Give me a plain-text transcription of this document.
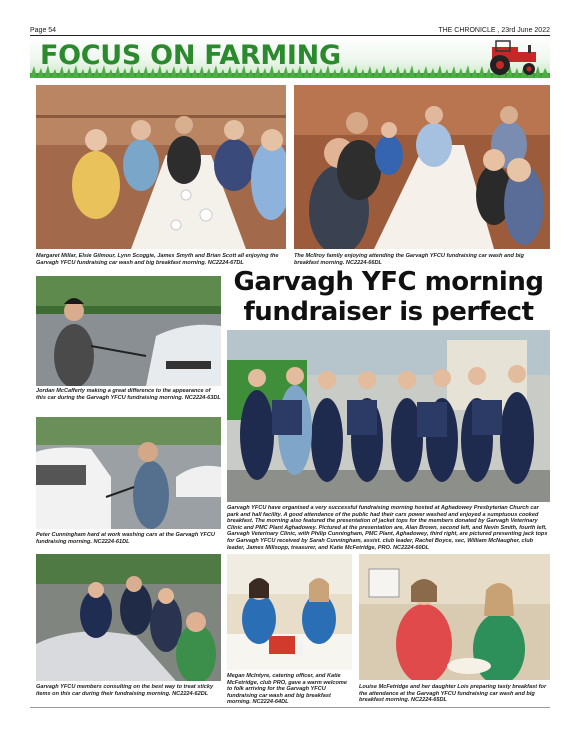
Page 54	THE CHRONICLE , 23rd June 2022
FOCUS ON FARMING
Margaret Millar, Elsie Gilmour, Lynn Scoggie, James Smyth and Brian Scott all enjoying the Garvagh YFCU fundraising car wash and big breakfast morning. NC2224-67DL
The McIlroy family enjoying attending the Garvagh YFCU fundraising car wash and big breakfast morning. NC2224-66DL
Garvagh YFC morning
fundraiser is perfect
Jordan McCafferty making a great difference to the appearance of this car during the Garvagh YFCU fundraising morning. NC2224-63DL
Peter Cunningham hard at work washing cars at the Garvagh YFCU fundraising morning. NC2224-61DL
Garvagh YFCU have organised a very successful fundraising morning hosted at Aghadowey Presbyterian Church car park and hall facility. A good attendance of the public had their cars power washed and enjoyed a sumptuous cooked breakfast. The morning also featured the presentation of jacket tops for the members donated by Garvagh Veterinary Clinic and PMC Plant Aghadowey. Pictured at the presentation are, Alan Brown, second left, and Nevin Smith, fourth left, Garvagh Veterinary Clinic, with Philip Cunningham, PMC Plant, Aghadowey, third right, are pictured presenting jack tops for Garvagh YFCU received by Sarah Cunningham, assist. club leader, Rachel Boyce, sec, William McNaugher, club leader, James Millsopp, treasurer, and Katie McFetridge, PRO. NC2224-60DL
Garvagh YFCU members consulting on the best way to treat sticky items on this car during their fundraising morning. NC2224-62DL
Megan McIntyre, catering officer, and Katie McFetridge, club PRO, gave a warm welcome to folk arriving for the Garvagh YFCU fundraising car wash and big breakfast morning. NC2224-64DL
Louise McFetridge and her daughter Lois preparing tasty breakfast for the attendance at the Garvagh YFCU fundraising car wash and big breakfast morning. NC2224-65DL
